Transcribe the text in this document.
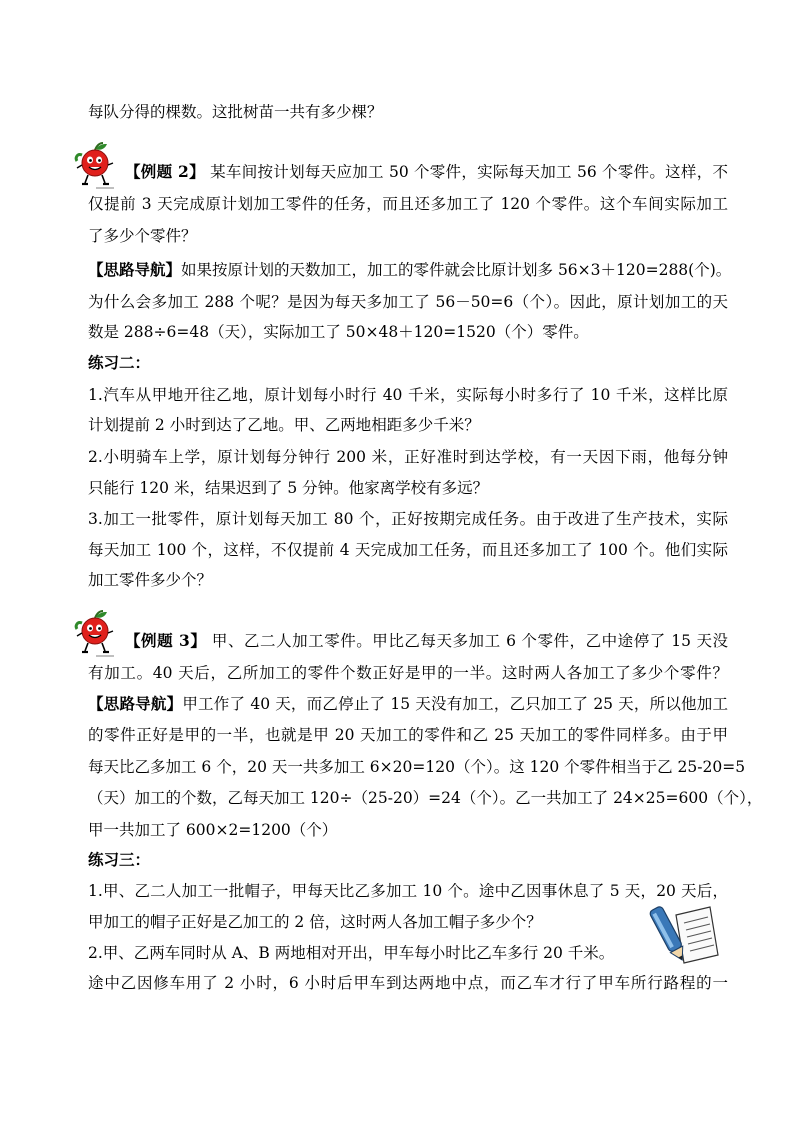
每队分得的棵数。这批树苗一共有多少棵？
【例题 2】 某车间按计划每天应加工 50 个零件，实际每天加工 56 个零件。这样，不
仅提前 3 天完成原计划加工零件的任务，而且还多加工了 120 个零件。这个车间实际加工
了多少个零件？
【思路导航】如果按原计划的天数加工，加工的零件就会比原计划多 56×3＋120=288(个)。
为什么会多加工 288 个呢？是因为每天多加工了 56－50=6（个）。因此，原计划加工的天
数是 288÷6=48（天），实际加工了 50×48＋120=1520（个）零件。
练习二：
1.汽车从甲地开往乙地，原计划每小时行 40 千米，实际每小时多行了 10 千米，这样比原
计划提前 2 小时到达了乙地。甲、乙两地相距多少千米？
2.小明骑车上学，原计划每分钟行 200 米，正好准时到达学校，有一天因下雨，他每分钟
只能行 120 米，结果迟到了 5 分钟。他家离学校有多远？
3.加工一批零件，原计划每天加工 80 个，正好按期完成任务。由于改进了生产技术，实际
每天加工 100 个，这样，不仅提前 4 天完成加工任务，而且还多加工了 100 个。他们实际
加工零件多少个？
【例题 3】 甲、乙二人加工零件。甲比乙每天多加工 6 个零件，乙中途停了 15 天没
有加工。40 天后，乙所加工的零件个数正好是甲的一半。这时两人各加工了多少个零件？
【思路导航】甲工作了 40 天，而乙停止了 15 天没有加工，乙只加工了 25 天，所以他加工
的零件正好是甲的一半，也就是甲 20 天加工的零件和乙 25 天加工的零件同样多。由于甲
每天比乙多加工 6 个，20 天一共多加工 6×20=120（个）。这 120 个零件相当于乙 25-20=5
（天）加工的个数，乙每天加工 120÷（25-20）=24（个）。乙一共加工了 24×25=600（个），
甲一共加工了 600×2=1200（个）
练习三：
1.甲、乙二人加工一批帽子，甲每天比乙多加工 10 个。途中乙因事休息了 5 天，20 天后，
甲加工的帽子正好是乙加工的 2 倍，这时两人各加工帽子多少个？
2.甲、乙两车同时从 A、B 两地相对开出，甲车每小时比乙车多行 20 千米。
途中乙因修车用了 2 小时，6 小时后甲车到达两地中点，而乙车才行了甲车所行路程的一
